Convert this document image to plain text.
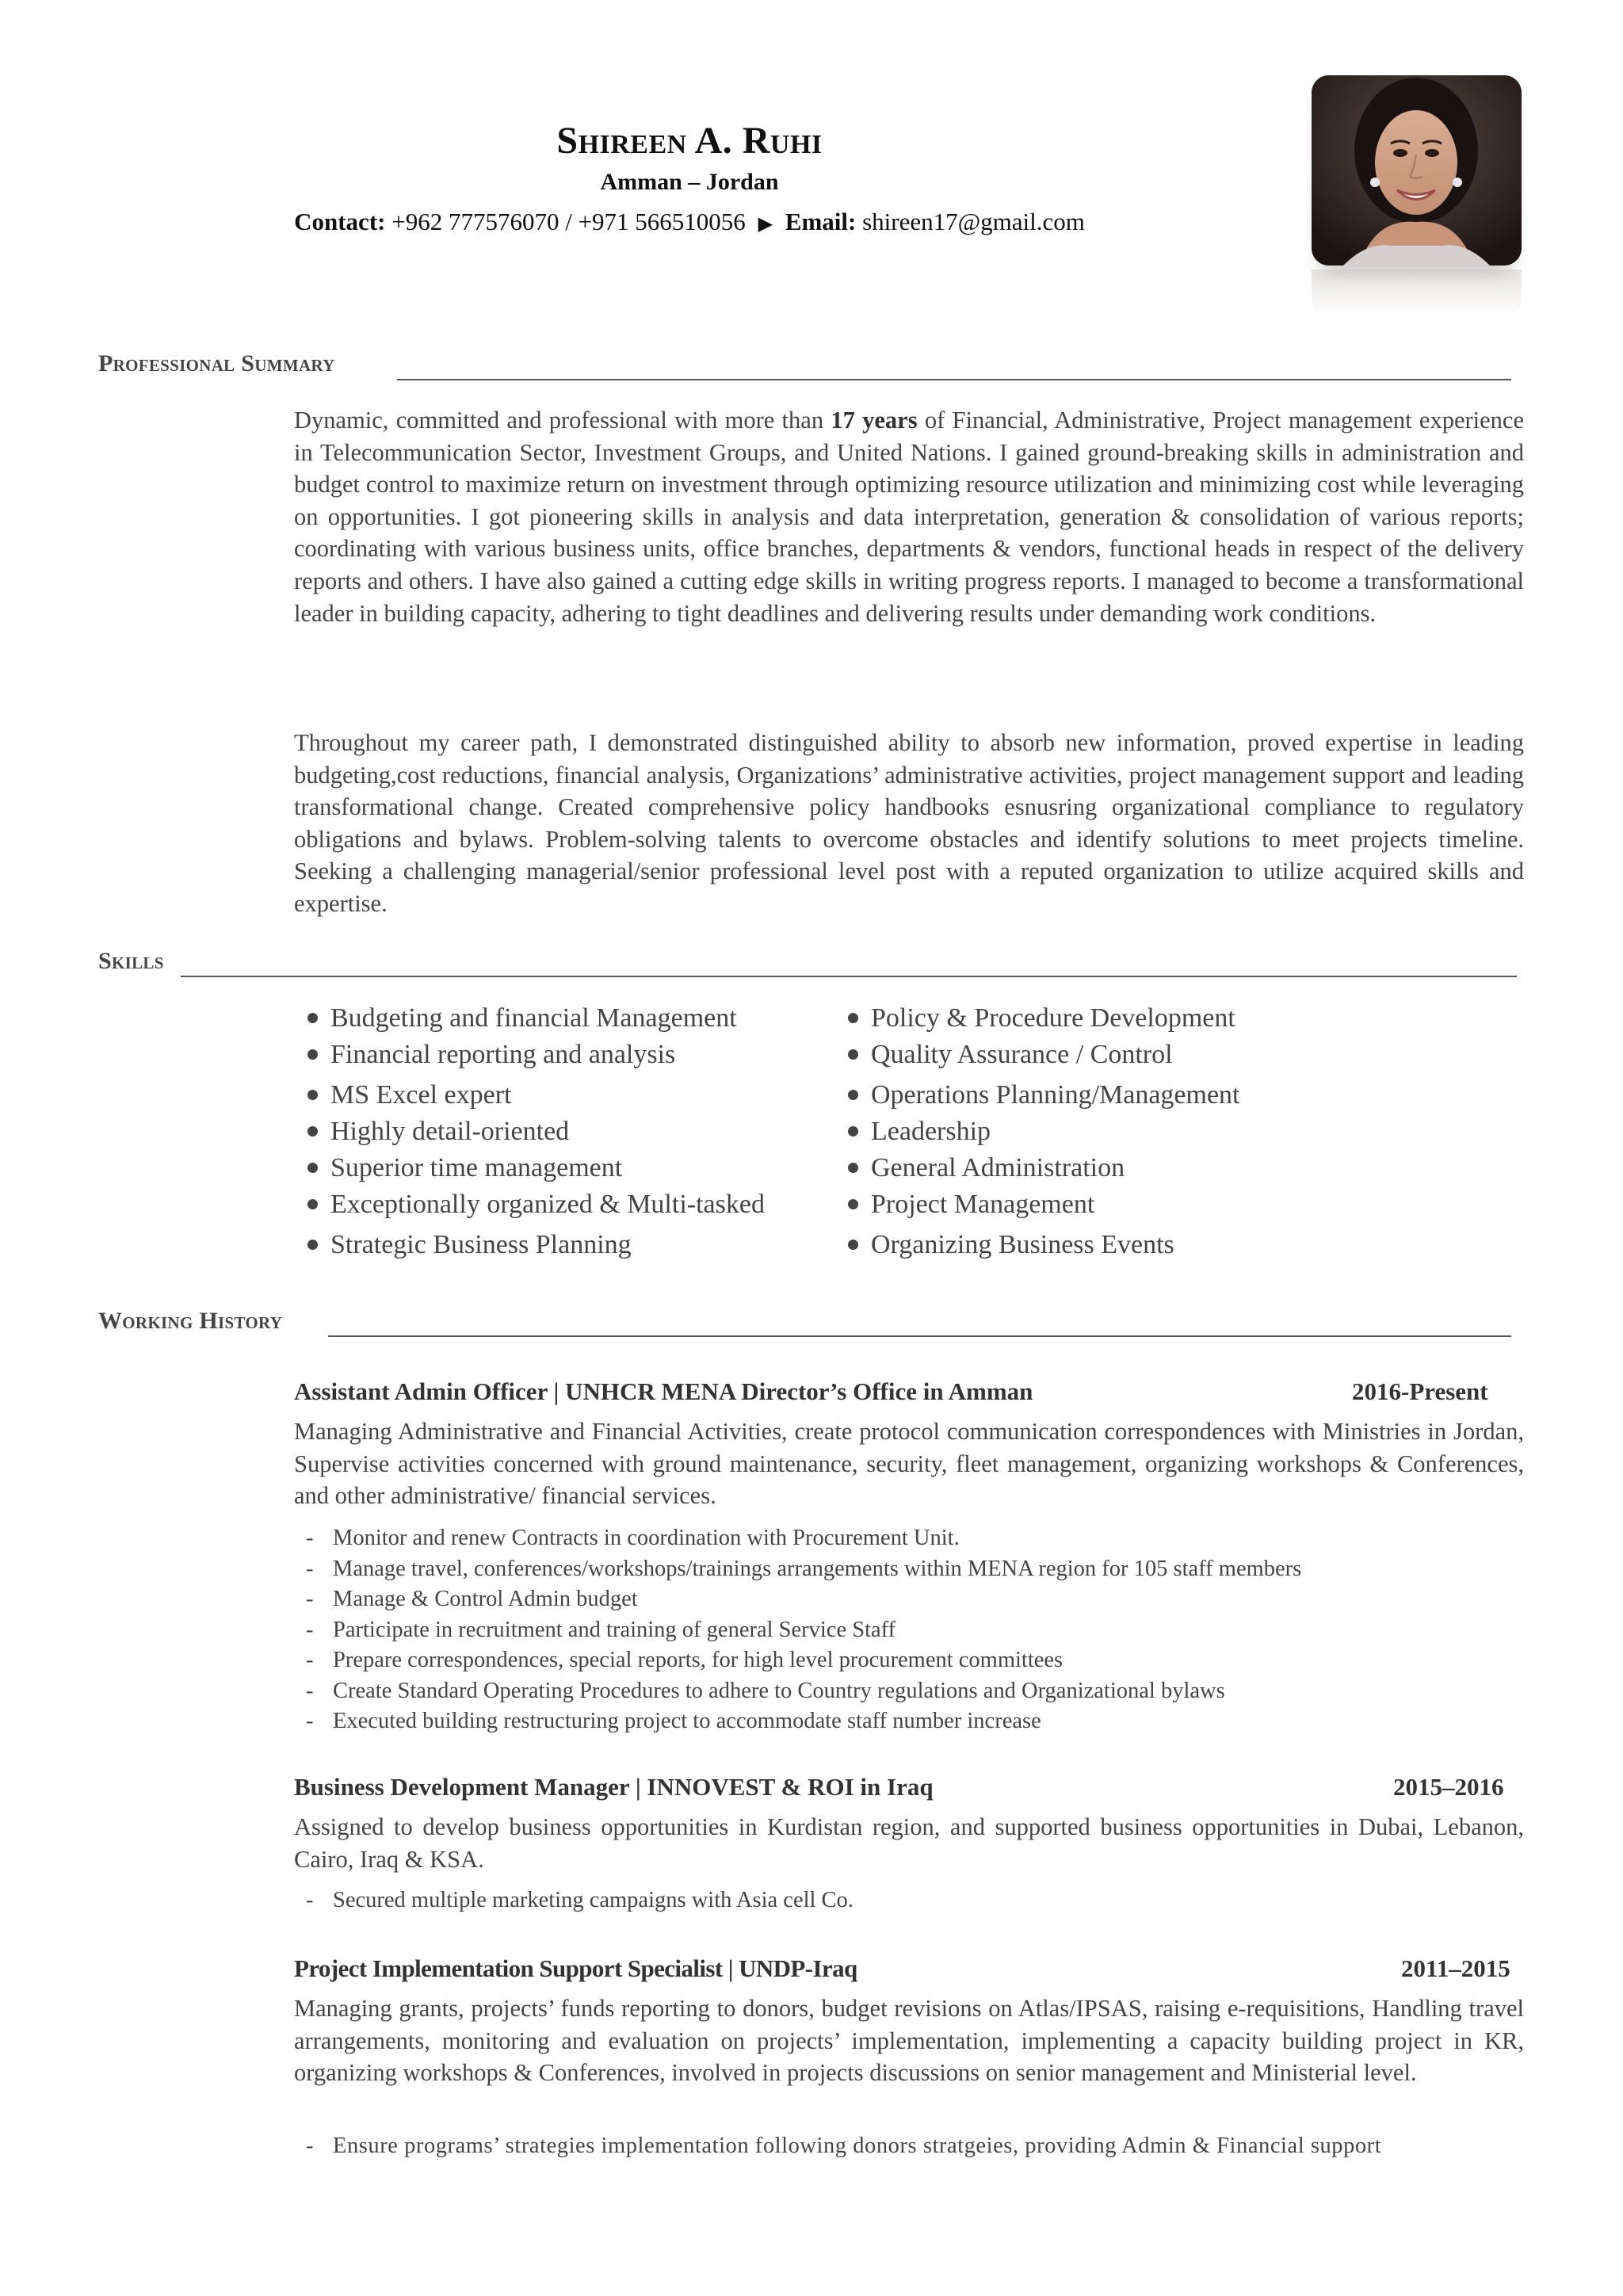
Shireen A. Ruhi
Amman – Jordan
Contact: +962 777576070 / +971 566510056 ▶ Email: shireen17@gmail.com
Professional Summary
Dynamic, committed and professional with more than 17 years of Financial, Administrative, Project management experience in Telecommunication Sector, Investment Groups, and United Nations. I gained ground-breaking skills in administration and budget control to maximize return on investment through optimizing resource utilization and minimizing cost while leveraging on opportunities. I got pioneering skills in analysis and data interpretation, generation & consolidation of various reports; coordinating with various business units, office branches, departments & vendors, functional heads in respect of the delivery reports and others. I have also gained a cutting edge skills in writing progress reports. I managed to become a transformational leader in building capacity, adhering to tight deadlines and delivering results under demanding work conditions.
Throughout my career path, I demonstrated distinguished ability to absorb new information, proved expertise in leading budgeting,cost reductions, financial analysis, Organizations’ administrative activities, project management support and leading transformational change. Created comprehensive policy handbooks esnusring organizational compliance to regulatory obligations and bylaws. Problem-solving talents to overcome obstacles and identify solutions to meet projects timeline. Seeking a challenging managerial/senior professional level post with a reputed organization to utilize acquired skills and expertise.
Skills
Budgeting and financial Management
Financial reporting and analysis
MS Excel expert
Highly detail-oriented
Superior time management
Exceptionally organized & Multi-tasked
Strategic Business Planning
Policy & Procedure Development
Quality Assurance / Control
Operations Planning/Management
Leadership
General Administration
Project Management
Organizing Business Events
Working History
Assistant Admin Officer | UNHCR MENA Director’s Office in Amman	2016-Present
Managing Administrative and Financial Activities, create protocol communication correspondences with Ministries in Jordan, Supervise activities concerned with ground maintenance, security, fleet management, organizing workshops & Conferences, and other administrative/ financial services.
- Monitor and renew Contracts in coordination with Procurement Unit.
- Manage travel, conferences/workshops/trainings arrangements within MENA region for 105 staff members
- Manage & Control Admin budget
- Participate in recruitment and training of general Service Staff
- Prepare correspondences, special reports, for high level procurement committees
- Create Standard Operating Procedures to adhere to Country regulations and Organizational bylaws
- Executed building restructuring project to accommodate staff number increase
Business Development Manager | INNOVEST & ROI in Iraq	2015–2016
Assigned to develop business opportunities in Kurdistan region, and supported business opportunities in Dubai, Lebanon, Cairo, Iraq & KSA.
- Secured multiple marketing campaigns with Asia cell Co.
Project Implementation Support Specialist | UNDP-Iraq	2011–2015
Managing grants, projects’ funds reporting to donors, budget revisions on Atlas/IPSAS, raising e-requisitions, Handling travel arrangements, monitoring and evaluation on projects’ implementation, implementing a capacity building project in KR, organizing workshops & Conferences, involved in projects discussions on senior management and Ministerial level.
- Ensure programs’ strategies implementation following donors stratgeies, providing Admin & Financial support
